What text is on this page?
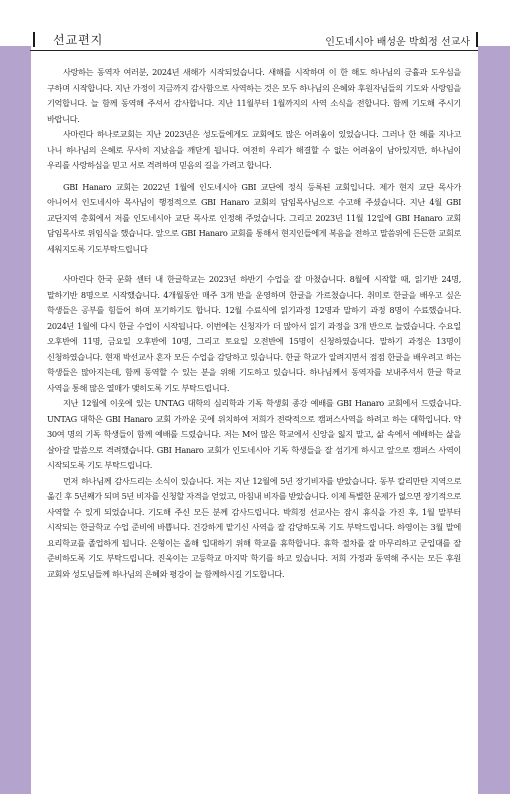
선교편지	인도네시아 배성운 박희정 선교사

사랑하는 동역자 여러분, 2024년 새해가 시작되었습니다. 새해를 시작하며 이 한 해도 하나님의 긍휼과 도우심을 구하며 시작합니다. 지난 가정이 지금까지 감사함으로 사역하는 것은 모두 하나님의 은혜와 후원자님들의 기도와 사랑임을 기억합니다. 늘 함께 동역해 주셔서 감사합니다. 지난 11월부터 1월까지의 사역 소식을 전합니다. 함께 기도해 주시기 바랍니다.

사마린다 하나로교회는 지난 2023년은 성도들에게도 교회에도 많은 어려움이 있었습니다. 그러나 한 해를 지나고 나니 하나님의 은혜로 무사히 지났음을 깨닫게 됩니다. 여전히 우리가 해결할 수 없는 어려움이 남아있지만, 하나님이 우리를 사랑하심을 믿고 서로 격려하며 믿음의 길을 가려고 합니다.

GBI Hanaro 교회는 2022년 1월에 인도네시아 GBI 교단에 정식 등록된 교회입니다. 제가 현지 교단 목사가 아니어서 인도네시아 목사님이 행정적으로 GBI Hanaro 교회의 담임목사님으로 수고해 주셨습니다. 지난 4월 GBI 교단지역 총회에서 저를 인도네시아 교단 목사로 인정해 주었습니다. 그리고 2023년 11월 12일에 GBI Hanaro 교회 담임목사로 위임식을 했습니다. 앞으로 GBI Hanaro 교회를 통해서 현지인들에게 복음을 전하고 말씀위에 든든한 교회로 세워지도록 기도부탁드립니다

사마린다 한국 문화 센터 내 한글학교는 2023년 하반기 수업을 잘 마쳤습니다. 8월에 시작할 때, 읽기반 24명, 말하기반 8명으로 시작했습니다. 4개월동안 매주 3개 반을 운영하며 한글을 가르쳤습니다. 취미로 한글을 배우고 싶은 학생들은 공부를 힘들어 하며 포기하기도 합니다. 12월 수료식에 읽기과정 12명과 말하기 과정 8명이 수료했습니다. 2024년 1월에 다시 한글 수업이 시작됩니다. 이번에는 신청자가 더 많아서 읽기 과정을 3개 반으로 늘렸습니다. 수요일 오후반에 11명, 금요일 오후반에 10명, 그리고 토요일 오전반에 15명이 신청하였습니다. 말하기 과정은 13명이 신청하였습니다. 현재 박선교사 혼자 모든 수업을 감당하고 있습니다. 한글 학교가 알려지면서 점점 한글을 배우려고 하는 학생들은 많아지는데, 함께 동역할 수 있는 분을 위해 기도하고 있습니다. 하나님께서 동역자를 보내주셔서 한글 학교 사역을 통해 많은 열매가 맺히도록 기도 부탁드립니다.

지난 12월에 이웃에 있는 UNTAG 대학의 심리학과 기독 학생회 종강 예배를 GBI Hanaro 교회에서 드렸습니다. UNTAG 대학은 GBI Hanaro 교회 가까운 곳에 위치하여 저희가 전략적으로 캠퍼스사역을 하려고 하는 대학입니다. 약 30여 명의 기독 학생들이 함께 예배를 드렸습니다. 저는 M어 많은 학교에서 신앙을 잃지 말고, 삶 속에서 예배하는 삶을 살아갈 말씀으로 격려했습니다. GBI Hanaro 교회가 인도네시아 기독 학생들을 잘 섬기게 하시고 앞으로 캠퍼스 사역이 시작되도록 기도 부탁드립니다.

먼저 하나님께 감사드리는 소식이 있습니다. 저는 지난 12월에 5년 장기비자를 받았습니다. 동부 칼리만탄 지역으로 옮긴 후 5년째가 되며 5년 비자를 신청할 자격을 얻었고, 마침내 비자를 받았습니다. 이제 특별한 문제가 없으면 장기적으로 사역할 수 있게 되었습니다. 기도해 주신 모든 분께 감사드립니다. 박희정 선교사는 잠시 휴식을 가진 후, 1월 말부터 시작되는 한글학교 수업 준비에 바쁩니다. 건강하게 맡기신 사역을 잘 감당하도록 기도 부탁드립니다. 하영이는 3월 말에 요리학교를 졸업하게 됩니다. 은형이는 올해 입대하기 위해 학교를 휴학합니다. 휴학 절차를 잘 마무리하고 군입대를 잘 준비하도록 기도 부탁드립니다. 진욱이는 고등학교 마지막 학기를 하고 있습니다. 저희 가정과 동역해 주시는 모든 후원 교회와 성도님들께 하나님의 은혜와 평강이 늘 함께하시길 기도합니다.
